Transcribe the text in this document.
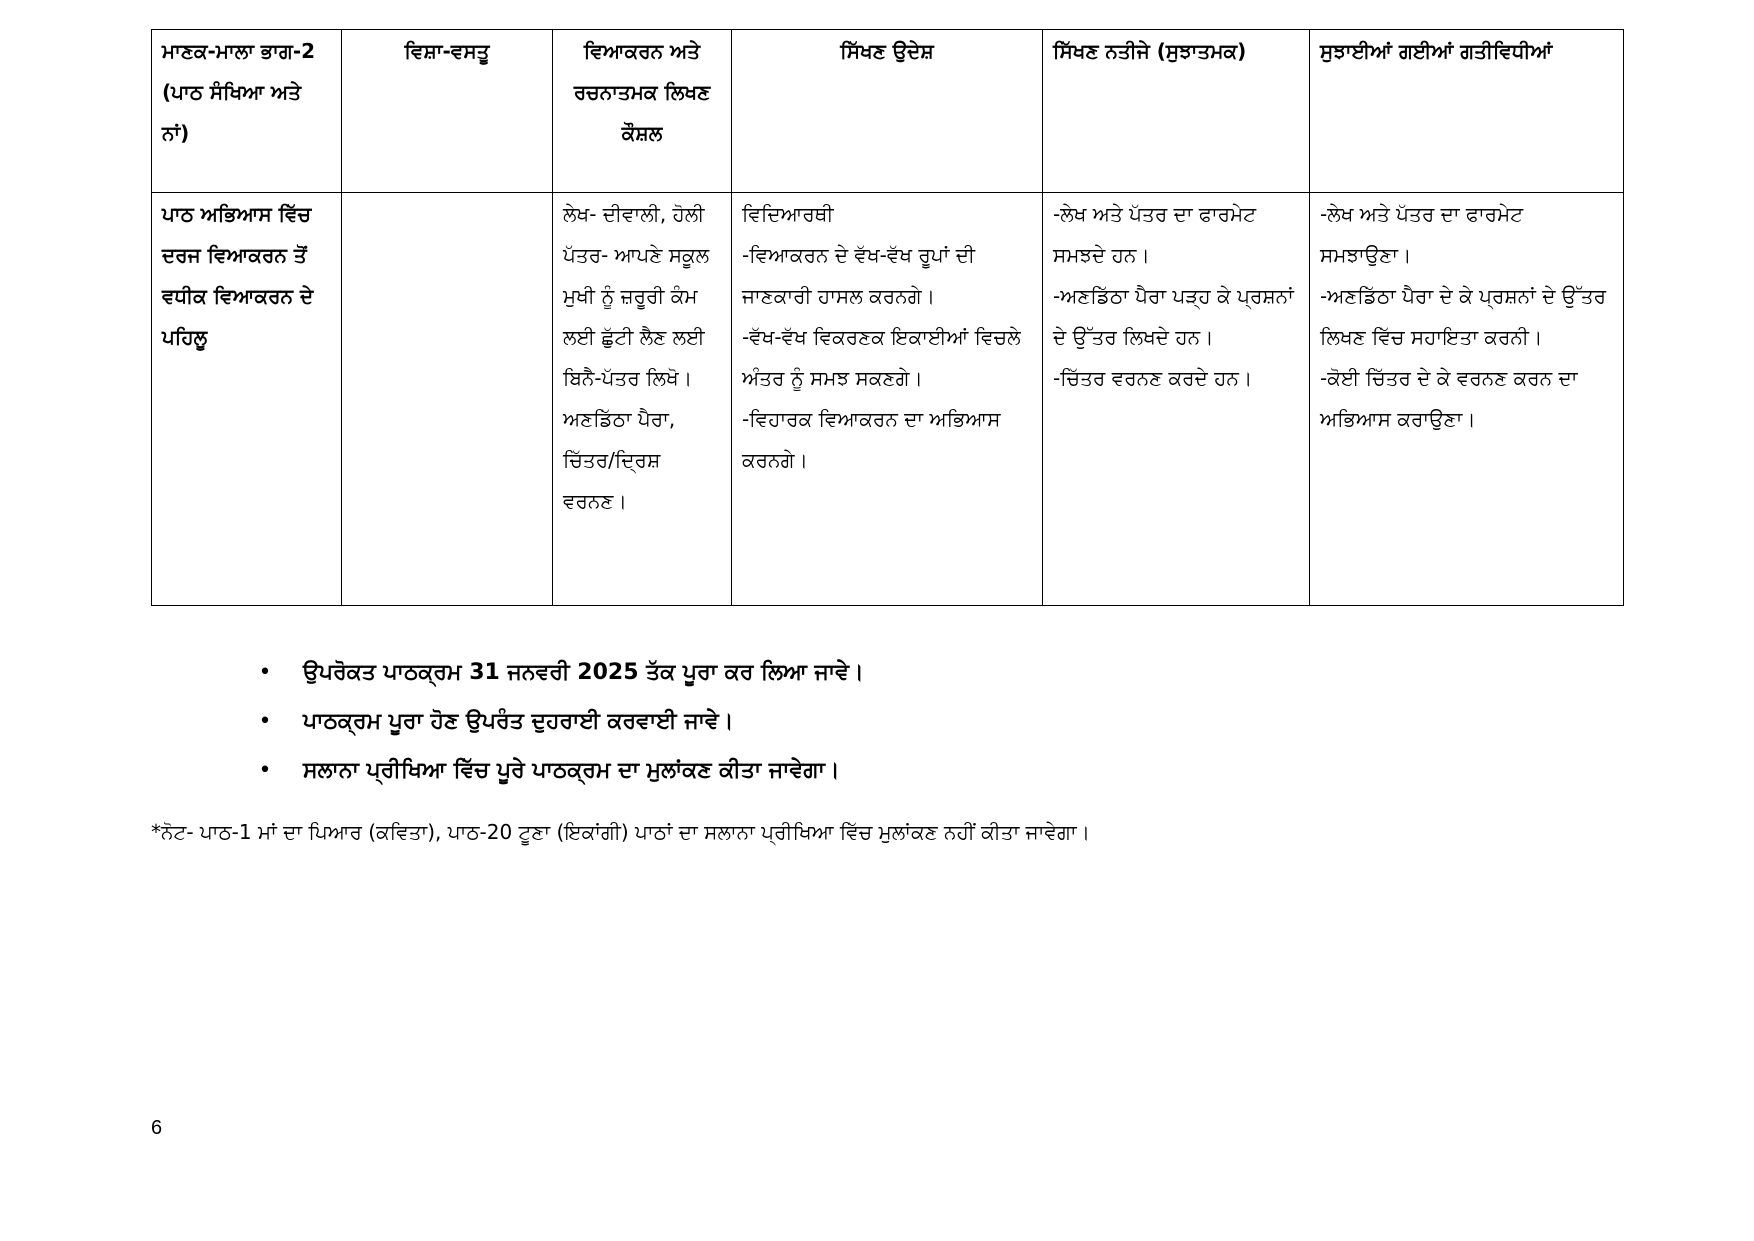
ਮਾਣਕ-ਮਾਲਾ ਭਾਗ-2 (ਪਾਠ ਸੰਖਿਆ ਅਤੇ ਨਾਂ)	ਵਿਸ਼ਾ-ਵਸਤੂ	ਵਿਆਕਰਨ ਅਤੇ ਰਚਨਾਤਮਕ ਲਿਖਣ ਕੌਸ਼ਲ	ਸਿੱਖਣ ਉਦੇਸ਼	ਸਿੱਖਣ ਨਤੀਜੇ (ਸੁਝਾਤਮਕ)	ਸੁਝਾਈਆਂ ਗਈਆਂ ਗਤੀਵਿਧੀਆਂ
ਪਾਠ ਅਭਿਆਸ ਵਿੱਚ ਦਰਜ ਵਿਆਕਰਨ ਤੋਂ ਵਧੀਕ ਵਿਆਕਰਨ ਦੇ ਪਹਿਲੂ		ਲੇਖ- ਦੀਵਾਲੀ, ਹੋਲੀ
ਪੱਤਰ- ਆਪਣੇ ਸਕੂਲ ਮੁਖੀ ਨੂੰ ਜ਼ਰੂਰੀ ਕੰਮ ਲਈ ਛੁੱਟੀ ਲੈਣ ਲਈ ਬਿਨੈ-ਪੱਤਰ ਲਿਖੋ।
ਅਣਡਿੱਠਾ ਪੈਰਾ, ਚਿੱਤਰ/ਦ੍ਰਿਸ਼ ਵਰਨਣ।	ਵਿਦਿਆਰਥੀ
-ਵਿਆਕਰਨ ਦੇ ਵੱਖ-ਵੱਖ ਰੂਪਾਂ ਦੀ ਜਾਣਕਾਰੀ ਹਾਸਲ ਕਰਨਗੇ।
-ਵੱਖ-ਵੱਖ ਵਿਕਰਣਕ ਇਕਾਈਆਂ ਵਿਚਲੇ ਅੰਤਰ ਨੂੰ ਸਮਝ ਸਕਣਗੇ।
-ਵਿਹਾਰਕ ਵਿਆਕਰਨ ਦਾ ਅਭਿਆਸ ਕਰਨਗੇ।	-ਲੇਖ ਅਤੇ ਪੱਤਰ ਦਾ ਫਾਰਮੇਟ ਸਮਝਦੇ ਹਨ।
-ਅਣਡਿੱਠਾ ਪੈਰਾ ਪੜ੍ਹ ਕੇ ਪ੍ਰਸ਼ਨਾਂ ਦੇ ਉੱਤਰ ਲਿਖਦੇ ਹਨ।
-ਚਿੱਤਰ ਵਰਨਣ ਕਰਦੇ ਹਨ।	-ਲੇਖ ਅਤੇ ਪੱਤਰ ਦਾ ਫਾਰਮੇਟ ਸਮਝਾਉਣਾ।
-ਅਣਡਿੱਠਾ ਪੈਰਾ ਦੇ ਕੇ ਪ੍ਰਸ਼ਨਾਂ ਦੇ ਉੱਤਰ ਲਿਖਣ ਵਿੱਚ ਸਹਾਇਤਾ ਕਰਨੀ।
-ਕੋਈ ਚਿੱਤਰ ਦੇ ਕੇ ਵਰਨਣ ਕਰਨ ਦਾ ਅਭਿਆਸ ਕਰਾਉਣਾ।
• ਉਪਰੋਕਤ ਪਾਠਕ੍ਰਮ 31 ਜਨਵਰੀ 2025 ਤੱਕ ਪੂਰਾ ਕਰ ਲਿਆ ਜਾਵੇ।
• ਪਾਠਕ੍ਰਮ ਪੂਰਾ ਹੋਣ ਉਪਰੰਤ ਦੁਹਰਾਈ ਕਰਵਾਈ ਜਾਵੇ।
• ਸਲਾਨਾ ਪ੍ਰੀਖਿਆ ਵਿੱਚ ਪੂਰੇ ਪਾਠਕ੍ਰਮ ਦਾ ਮੁਲਾਂਕਣ ਕੀਤਾ ਜਾਵੇਗਾ।
*ਨੋਟ- ਪਾਠ-1 ਮਾਂ ਦਾ ਪਿਆਰ (ਕਵਿਤਾ), ਪਾਠ-20 ਟੂਣਾ (ਇਕਾਂਗੀ) ਪਾਠਾਂ ਦਾ ਸਲਾਨਾ ਪ੍ਰੀਖਿਆ ਵਿੱਚ ਮੁਲਾਂਕਣ ਨਹੀਂ ਕੀਤਾ ਜਾਵੇਗਾ।
6
